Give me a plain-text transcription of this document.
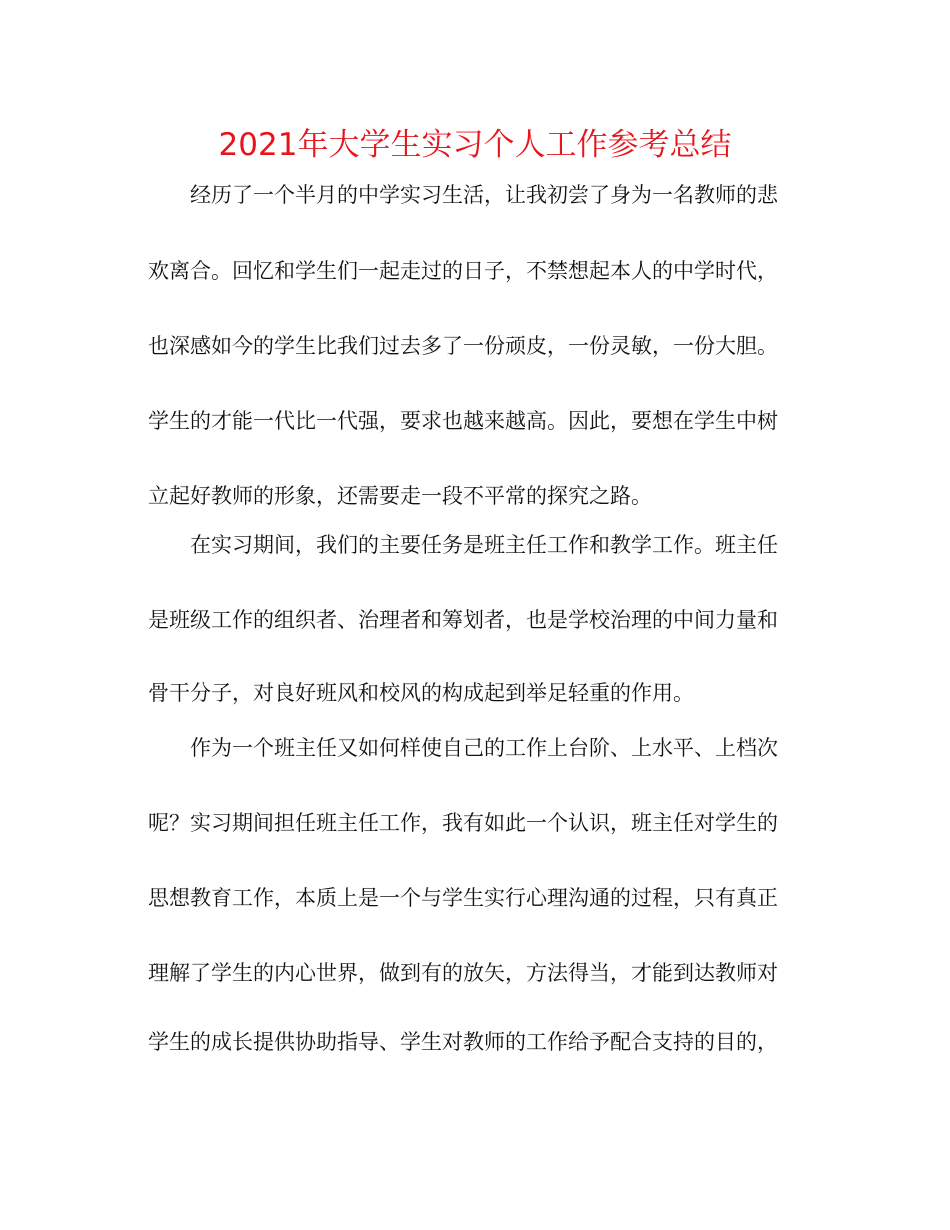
2021年大学生实习个人工作参考总结

经历了一个半月的中学实习生活，让我初尝了身为一名教师的悲

欢离合。回忆和学生们一起走过的日子，不禁想起本人的中学时代，

也深感如今的学生比我们过去多了一份顽皮，一份灵敏，一份大胆。

学生的才能一代比一代强，要求也越来越高。因此，要想在学生中树

立起好教师的形象，还需要走一段不平常的探究之路。

在实习期间，我们的主要任务是班主任工作和教学工作。班主任

是班级工作的组织者、治理者和筹划者，也是学校治理的中间力量和

骨干分子，对良好班风和校风的构成起到举足轻重的作用。

作为一个班主任又如何样使自己的工作上台阶、上水平、上档次

呢？实习期间担任班主任工作，我有如此一个认识，班主任对学生的

思想教育工作，本质上是一个与学生实行心理沟通的过程，只有真正

理解了学生的内心世界，做到有的放矢，方法得当，才能到达教师对

学生的成长提供协助指导、学生对教师的工作给予配合支持的目的，
